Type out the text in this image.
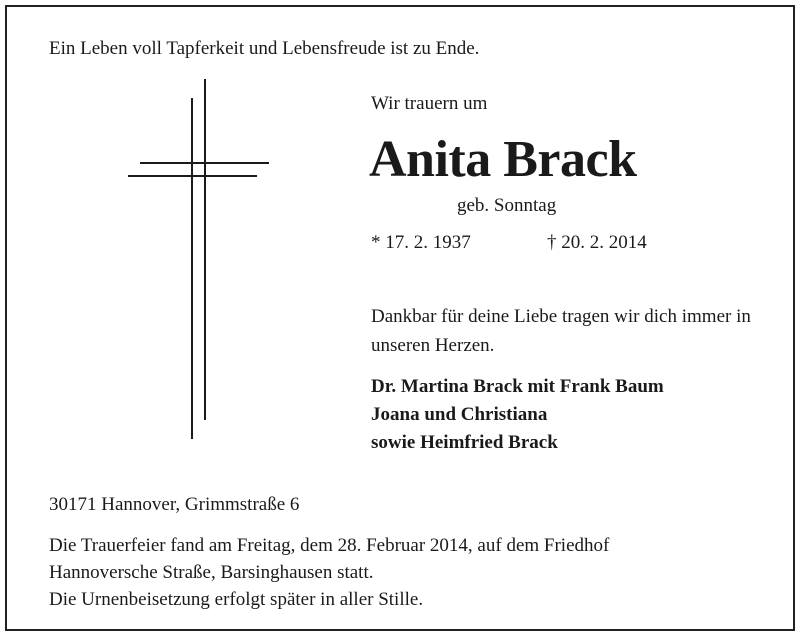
Ein Leben voll Tapferkeit und Lebensfreude ist zu Ende.
Wir trauern um
Anita Brack
geb. Sonntag
* 17. 2. 1937	† 20. 2. 2014
Dankbar für deine Liebe tragen wir dich immer in unseren Herzen.
Dr. Martina Brack mit Frank Baum
Joana und Christiana
sowie Heimfried Brack
30171 Hannover, Grimmstraße 6
Die Trauerfeier fand am Freitag, dem 28. Februar 2014, auf dem Friedhof
Hannoversche Straße, Barsinghausen statt.
Die Urnenbeisetzung erfolgt später in aller Stille.
